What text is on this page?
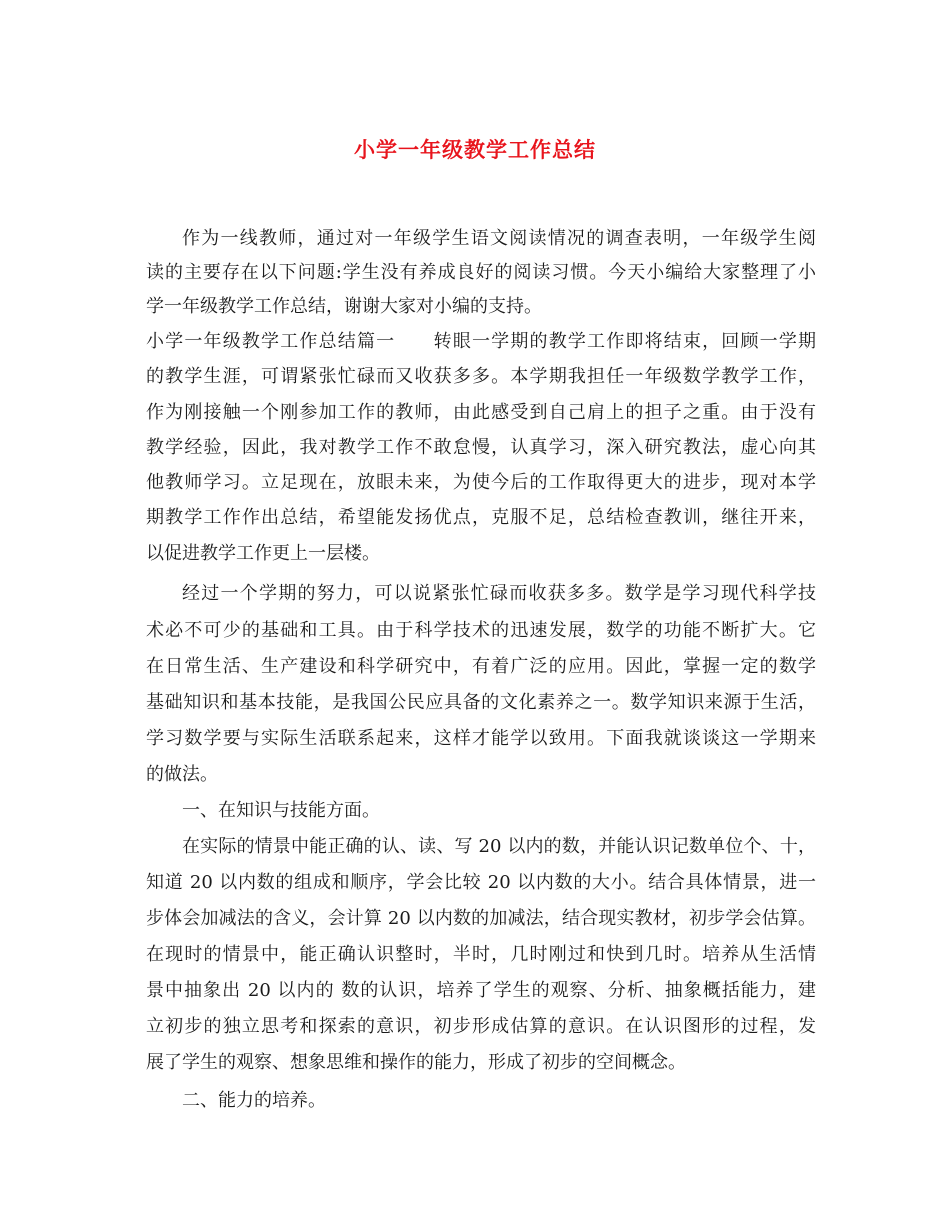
小学一年级教学工作总结
作为一线教师，通过对一年级学生语文阅读情况的调查表明，一年级学生阅
读的主要存在以下问题:学生没有养成良好的阅读习惯。今天小编给大家整理了小
学一年级教学工作总结，谢谢大家对小编的支持。
小学一年级教学工作总结篇一　　转眼一学期的教学工作即将结束，回顾一学期
的教学生涯，可谓紧张忙碌而又收获多多。本学期我担任一年级数学教学工作，
作为刚接触一个刚参加工作的教师，由此感受到自己肩上的担子之重。由于没有
教学经验，因此，我对教学工作不敢怠慢，认真学习，深入研究教法，虚心向其
他教师学习。立足现在，放眼未来，为使今后的工作取得更大的进步，现对本学
期教学工作作出总结，希望能发扬优点，克服不足，总结检查教训，继往开来，
以促进教学工作更上一层楼。
经过一个学期的努力，可以说紧张忙碌而收获多多。数学是学习现代科学技
术必不可少的基础和工具。由于科学技术的迅速发展，数学的功能不断扩大。它
在日常生活、生产建设和科学研究中，有着广泛的应用。因此，掌握一定的数学
基础知识和基本技能，是我国公民应具备的文化素养之一。数学知识来源于生活，
学习数学要与实际生活联系起来，这样才能学以致用。下面我就谈谈这一学期来
的做法。
一、在知识与技能方面。
在实际的情景中能正确的认、读、写 20 以内的数，并能认识记数单位个、十，
知道 20 以内数的组成和顺序，学会比较 20 以内数的大小。结合具体情景，进一
步体会加减法的含义，会计算 20 以内数的加减法，结合现实教材，初步学会估算。
在现时的情景中，能正确认识整时，半时，几时刚过和快到几时。培养从生活情
景中抽象出 20 以内的 数的认识，培养了学生的观察、分析、抽象概括能力，建
立初步的独立思考和探索的意识，初步形成估算的意识。在认识图形的过程，发
展了学生的观察、想象思维和操作的能力，形成了初步的空间概念。
二、能力的培养。
